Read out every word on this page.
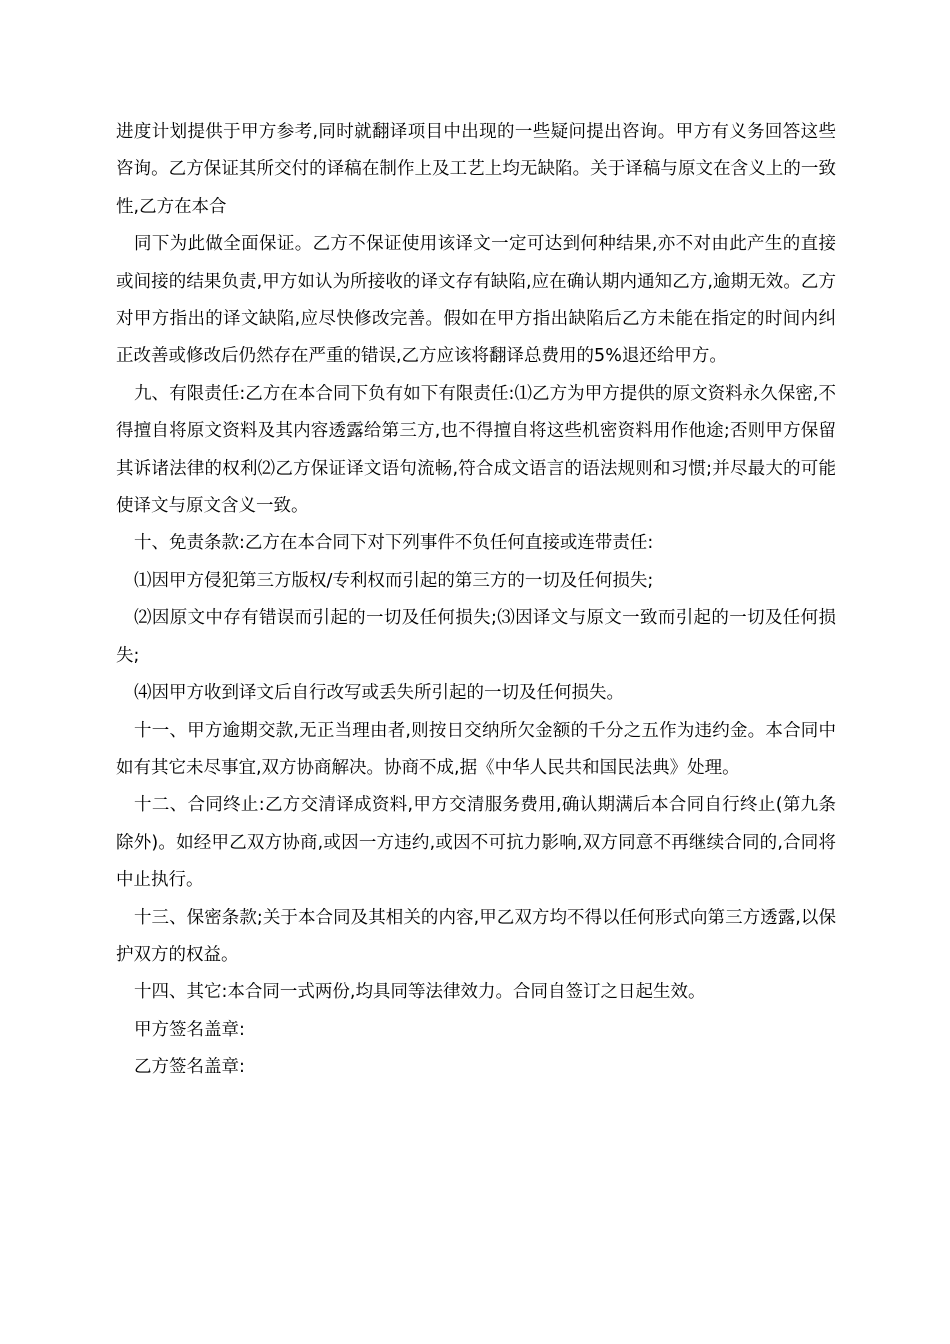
进度计划提供于甲方参考,同时就翻译项目中出现的一些疑问提出咨询。甲方有义务回答这些咨询。乙方保证其所交付的译稿在制作上及工艺上均无缺陷。关于译稿与原文在含义上的一致性,乙方在本合

同下为此做全面保证。乙方不保证使用该译文一定可达到何种结果,亦不对由此产生的直接或间接的结果负责,甲方如认为所接收的译文存有缺陷,应在确认期内通知乙方,逾期无效。乙方对甲方指出的译文缺陷,应尽快修改完善。假如在甲方指出缺陷后乙方未能在指定的时间内纠正改善或修改后仍然存在严重的错误,乙方应该将翻译总费用的5%退还给甲方。

九、有限责任:乙方在本合同下负有如下有限责任:⑴乙方为甲方提供的原文资料永久保密,不得擅自将原文资料及其内容透露给第三方,也不得擅自将这些机密资料用作他途;否则甲方保留其诉诸法律的权利⑵乙方保证译文语句流畅,符合成文语言的语法规则和习惯;并尽最大的可能使译文与原文含义一致。

十、免责条款:乙方在本合同下对下列事件不负任何直接或连带责任:

⑴因甲方侵犯第三方版权/专利权而引起的第三方的一切及任何损失;

⑵因原文中存有错误而引起的一切及任何损失;⑶因译文与原文一致而引起的一切及任何损失;

⑷因甲方收到译文后自行改写或丢失所引起的一切及任何损失。

十一、甲方逾期交款,无正当理由者,则按日交纳所欠金额的千分之五作为违约金。本合同中如有其它未尽事宜,双方协商解决。协商不成,据《中华人民共和国民法典》处理。

十二、合同终止:乙方交清译成资料,甲方交清服务费用,确认期满后本合同自行终止(第九条除外)。如经甲乙双方协商,或因一方违约,或因不可抗力影响,双方同意不再继续合同的,合同将中止执行。

十三、保密条款;关于本合同及其相关的内容,甲乙双方均不得以任何形式向第三方透露,以保护双方的权益。

十四、其它:本合同一式两份,均具同等法律效力。合同自签订之日起生效。

甲方签名盖章:

乙方签名盖章:
